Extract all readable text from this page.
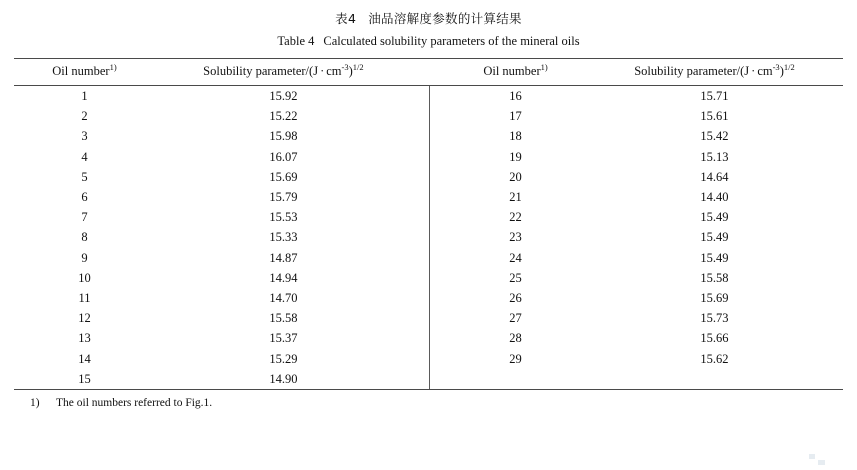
表4 油品溶解度参数的计算结果
Table 4 Calculated solubility parameters of the mineral oils
Oil number$^{1)}$	Solubility parameter/(J · $cm^{-3})^{1/2}$		Oil number$^{1)}$	Solubility parameter/(J · $cm^{-3})^{1/2}$
1	15.92		16	15.71
2	15.22		17	15.61
3	15.98		18	15.42
4	16.07		19	15.13
5	15.69		20	14.64
6	15.79		21	14.40
7	15.53		22	15.49
8	15.33		23	15.49
9	14.87		24	15.49
10	14.94		25	15.58
11	14.70		26	15.69
12	15.58		27	15.73
13	15.37		28	15.66
14	15.29		29	15.62
15	14.90			
1) The oil numbers referred to Fig.1.
